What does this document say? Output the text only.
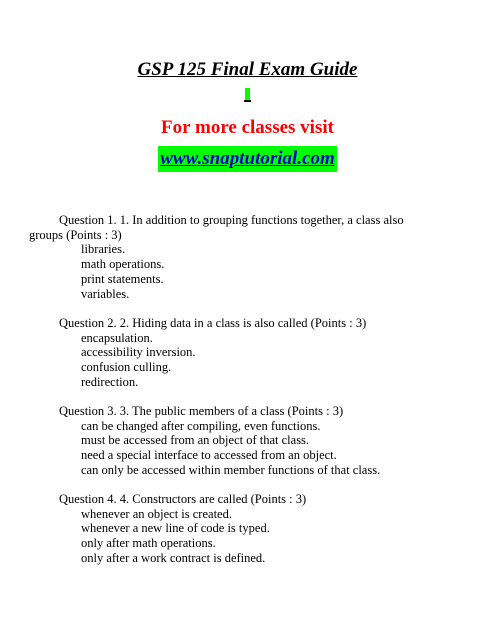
GSP 125 Final Exam Guide
For more classes visit
www.snaptutorial.com
Question 1. 1. In addition to grouping functions together, a class also groups (Points : 3)
libraries.
math operations.
print statements.
variables.
Question 2. 2. Hiding data in a class is also called (Points : 3)
encapsulation.
accessibility inversion.
confusion culling.
redirection.
Question 3. 3. The public members of a class (Points : 3)
can be changed after compiling, even functions.
must be accessed from an object of that class.
need a special interface to accessed from an object.
can only be accessed within member functions of that class.
Question 4. 4. Constructors are called (Points : 3)
whenever an object is created.
whenever a new line of code is typed.
only after math operations.
only after a work contract is defined.
